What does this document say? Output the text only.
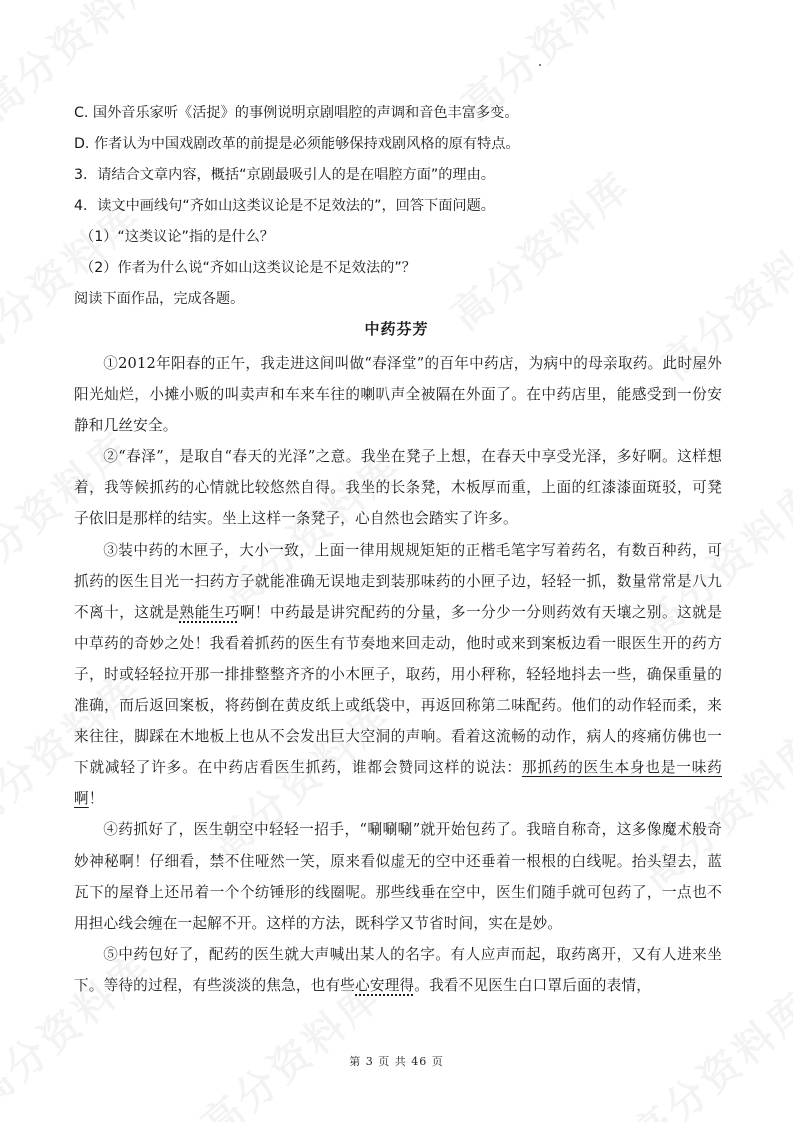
C. 国外音乐家听《活捉》的事例说明京剧唱腔的声调和音色丰富多变。
D. 作者认为中国戏剧改革的前提是必须能够保持戏剧风格的原有特点。
3．请结合文章内容，概括“京剧最吸引人的是在唱腔方面”的理由。
4．读文中画线句“齐如山这类议论是不足效法的”，回答下面问题。
（1）“这类议论”指的是什么？
（2）作者为什么说“齐如山这类议论是不足效法的”？
阅读下面作品，完成各题。
中药芬芳

①2012年阳春的正午，我走进这间叫做“春泽堂”的百年中药店，为病中的母亲取药。此时屋外阳光灿烂，小摊小贩的叫卖声和车来车往的喇叭声全被隔在外面了。在中药店里，能感受到一份安静和几丝安全。

②“春泽”，是取自“春天的光泽”之意。我坐在凳子上想，在春天中享受光泽，多好啊。这样想着，我等候抓药的心情就比较悠然自得。我坐的长条凳，木板厚而重，上面的红漆漆面斑驳，可凳子依旧是那样的结实。坐上这样一条凳子，心自然也会踏实了许多。

③装中药的木匣子，大小一致，上面一律用规规矩矩的正楷毛笔字写着药名，有数百种药，可抓药的医生目光一扫药方子就能准确无误地走到装那味药的小匣子边，轻轻一抓，数量常常是八九不离十，这就是熟能生巧啊！中药最是讲究配药的分量，多一分少一分则药效有天壤之别。这就是中草药的奇妙之处！我看着抓药的医生有节奏地来回走动，他时或来到案板边看一眼医生开的药方子，时或轻轻拉开那一排排整整齐齐的小木匣子，取药，用小秤称，轻轻地抖去一些，确保重量的准确，而后返回案板，将药倒在黄皮纸上或纸袋中，再返回称第二味配药。他们的动作轻而柔，来来往往，脚踩在木地板上也从不会发出巨大空洞的声响。看着这流畅的动作，病人的疼痛仿佛也一下就减轻了许多。在中药店看医生抓药，谁都会赞同这样的说法：那抓药的医生本身也是一味药啊！

④药抓好了，医生朝空中轻轻一招手，“唰唰唰”就开始包药了。我暗自称奇，这多像魔术般奇妙神秘啊！仔细看，禁不住哑然一笑，原来看似虚无的空中还垂着一根根的白线呢。抬头望去，蓝瓦下的屋脊上还吊着一个个纺锤形的线圈呢。那些线垂在空中，医生们随手就可包药了，一点也不用担心线会缠在一起解不开。这样的方法，既科学又节省时间，实在是妙。

⑤中药包好了，配药的医生就大声喊出某人的名字。有人应声而起，取药离开，又有人进来坐下。等待的过程，有些淡淡的焦急，也有些心安理得。我看不见医生白口罩后面的表情，

第 3 页 共 46 页
